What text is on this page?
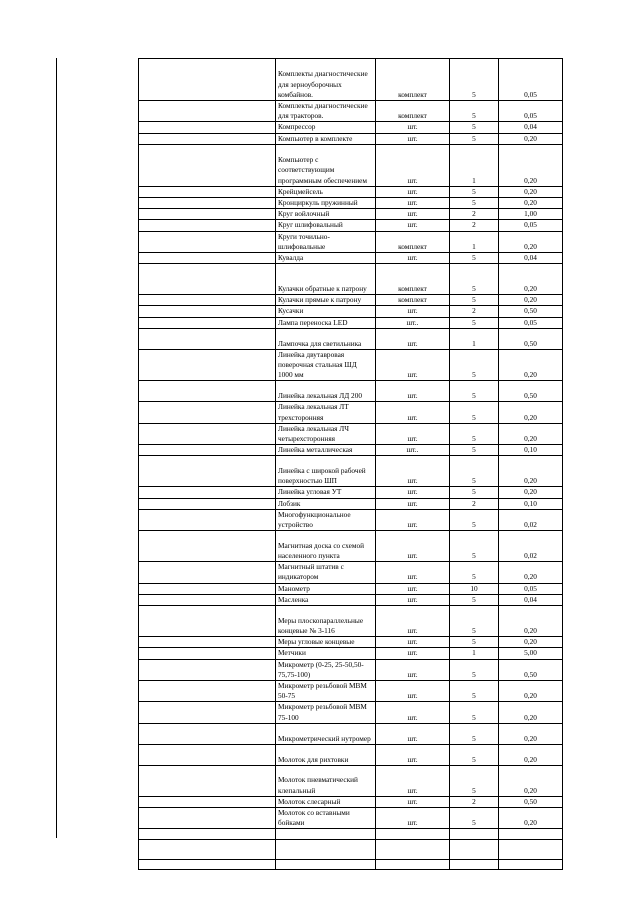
	Комплекты диагностические для зерноуборочных комбайнов.	комплект	5	0,05
	Комплекты диагностические для тракторов.	комплект	5	0,05
	Компрессор	шт.	5	0,04
	Компьютер в комплекте	шт.	5	0,20
	Компьютер с соответствующим программным обеспечением	шт.	1	0,20
	Крейцмейсель	шт.	5	0,20
	Кронциркуль пружинный	шт.	5	0,20
	Круг войлочный	шт.	2	1,00
	Круг шлифовальный	шт.	2	0,05
	Круги точильно-шлифовальные	комплект	1	0,20
	Кувалда	шт.	5	0,04
	Кулачки обратные к патрону	комплект	5	0,20
	Кулачки прямые к патрону	комплект	5	0,20
	Кусачки	шт.	2	0,50
	Лампа переноска LED	шт..	5	0,05
	Лампочка для светильника	шт.	1	0,50
	Линейка двутавровая поверочная стальная ШД 1000 мм	шт.	5	0,20
	Линейка лекальная ЛД 200	шт.	5	0,50
	Линейка лекальная ЛТ трехсторонняя	шт.	5	0,20
	Линейка лекальная ЛЧ четырехсторонняя	шт.	5	0,20
	Линейка металлическая	шт..	5	0,10
	Линейка с широкой рабочей поверхностью ШП	шт.	5	0,20
	Линейка угловая УТ	шт.	5	0,20
	Лобзик	шт.	2	0,10
	Многофункциональное устройство	шт.	5	0,02
	Магнитная доска со схемой населенного пункта	шт.	5	0,02
	Магнитный штатив с индикатором	шт.	5	0,20
	Манометр	шт.	10	0,05
	Масленка	шт.	5	0,04
	Меры плоскопараллельные концевые № 3-116	шт.	5	0,20
	Меры угловые концевые	шт.	5	0,20
	Метчики	шт.	1	5,00
	Микрометр (0-25, 25-50,50-75,75-100)	шт.	5	0,50
	Микрометр резьбовой МВМ 50-75	шт.	5	0,20
	Микрометр резьбовой МВМ 75-100	шт.	5	0,20
	Микрометрический нутромер	шт.	5	0,20
	Молоток для рихтовки	шт.	5	0,20
	Молоток пневматический клепальный	шт.	5	0,20
	Молоток слесарный	шт.	2	0,50
	Молоток со вставными бойками	шт.	5	0,20
